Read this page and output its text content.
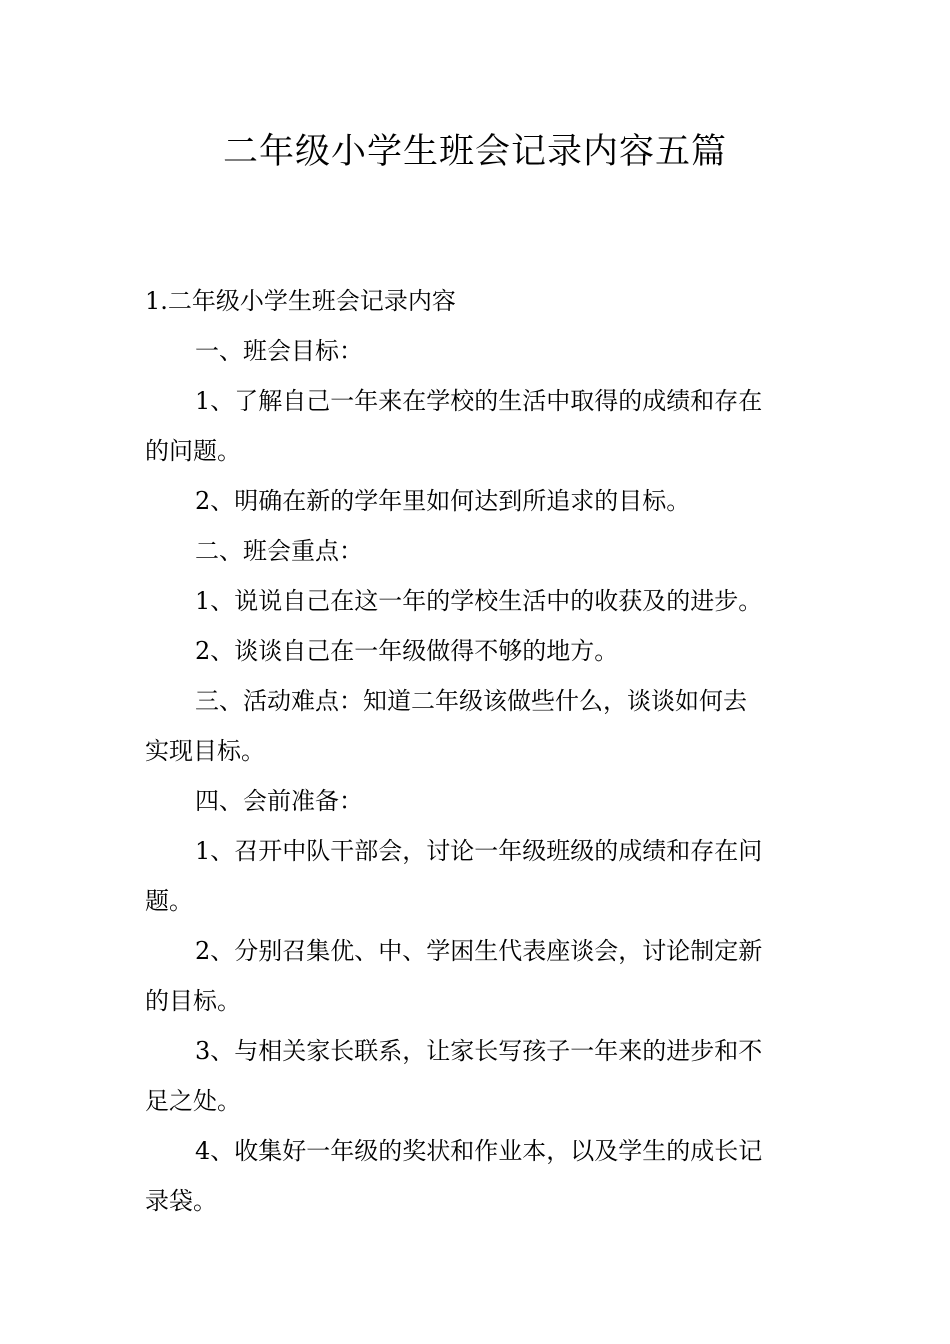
二年级小学生班会记录内容五篇

1.二年级小学生班会记录内容

一、班会目标：

1、了解自己一年来在学校的生活中取得的成绩和存在
的问题。

2、明确在新的学年里如何达到所追求的目标。

二、班会重点：

1、说说自己在这一年的学校生活中的收获及的进步。

2、谈谈自己在一年级做得不够的地方。

三、活动难点：知道二年级该做些什么，谈谈如何去
实现目标。

四、会前准备：

1、召开中队干部会，讨论一年级班级的成绩和存在问
题。

2、分别召集优、中、学困生代表座谈会，讨论制定新
的目标。

3、与相关家长联系，让家长写孩子一年来的进步和不
足之处。

4、收集好一年级的奖状和作业本，以及学生的成长记
录袋。
